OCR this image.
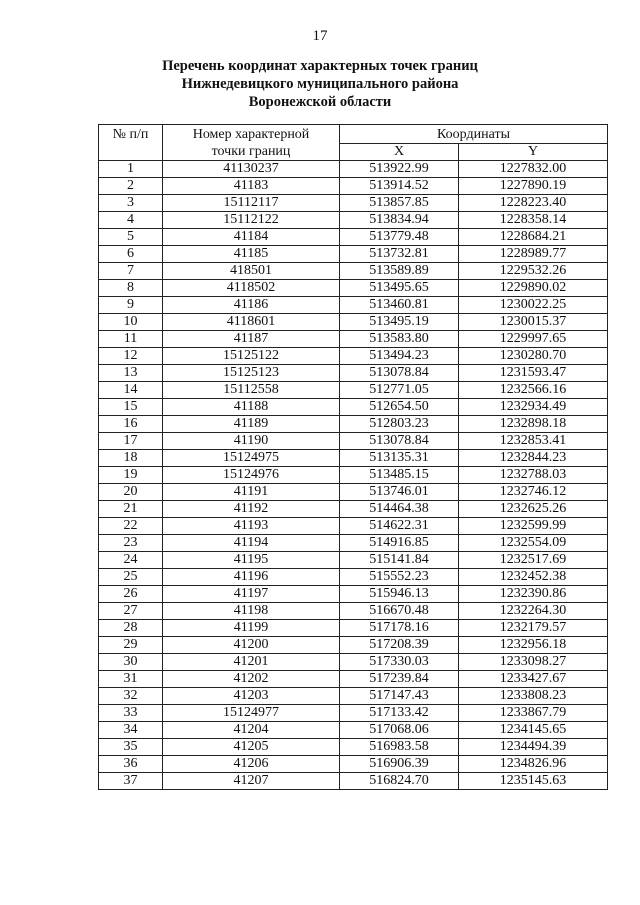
17
Перечень координат характерных точек границ
Нижнедевицкого муниципального района
Воронежской области
№ п/п	Номер характерной точки границ	Координаты	
		X	Y
1	41130237	513922.99	1227832.00
2	41183	513914.52	1227890.19
3	15112117	513857.85	1228223.40
4	15112122	513834.94	1228358.14
5	41184	513779.48	1228684.21
6	41185	513732.81	1228989.77
7	418501	513589.89	1229532.26
8	4118502	513495.65	1229890.02
9	41186	513460.81	1230022.25
10	4118601	513495.19	1230015.37
11	41187	513583.80	1229997.65
12	15125122	513494.23	1230280.70
13	15125123	513078.84	1231593.47
14	15112558	512771.05	1232566.16
15	41188	512654.50	1232934.49
16	41189	512803.23	1232898.18
17	41190	513078.84	1232853.41
18	15124975	513135.31	1232844.23
19	15124976	513485.15	1232788.03
20	41191	513746.01	1232746.12
21	41192	514464.38	1232625.26
22	41193	514622.31	1232599.99
23	41194	514916.85	1232554.09
24	41195	515141.84	1232517.69
25	41196	515552.23	1232452.38
26	41197	515946.13	1232390.86
27	41198	516670.48	1232264.30
28	41199	517178.16	1232179.57
29	41200	517208.39	1232956.18
30	41201	517330.03	1233098.27
31	41202	517239.84	1233427.67
32	41203	517147.43	1233808.23
33	15124977	517133.42	1233867.79
34	41204	517068.06	1234145.65
35	41205	516983.58	1234494.39
36	41206	516906.39	1234826.96
37	41207	516824.70	1235145.63
